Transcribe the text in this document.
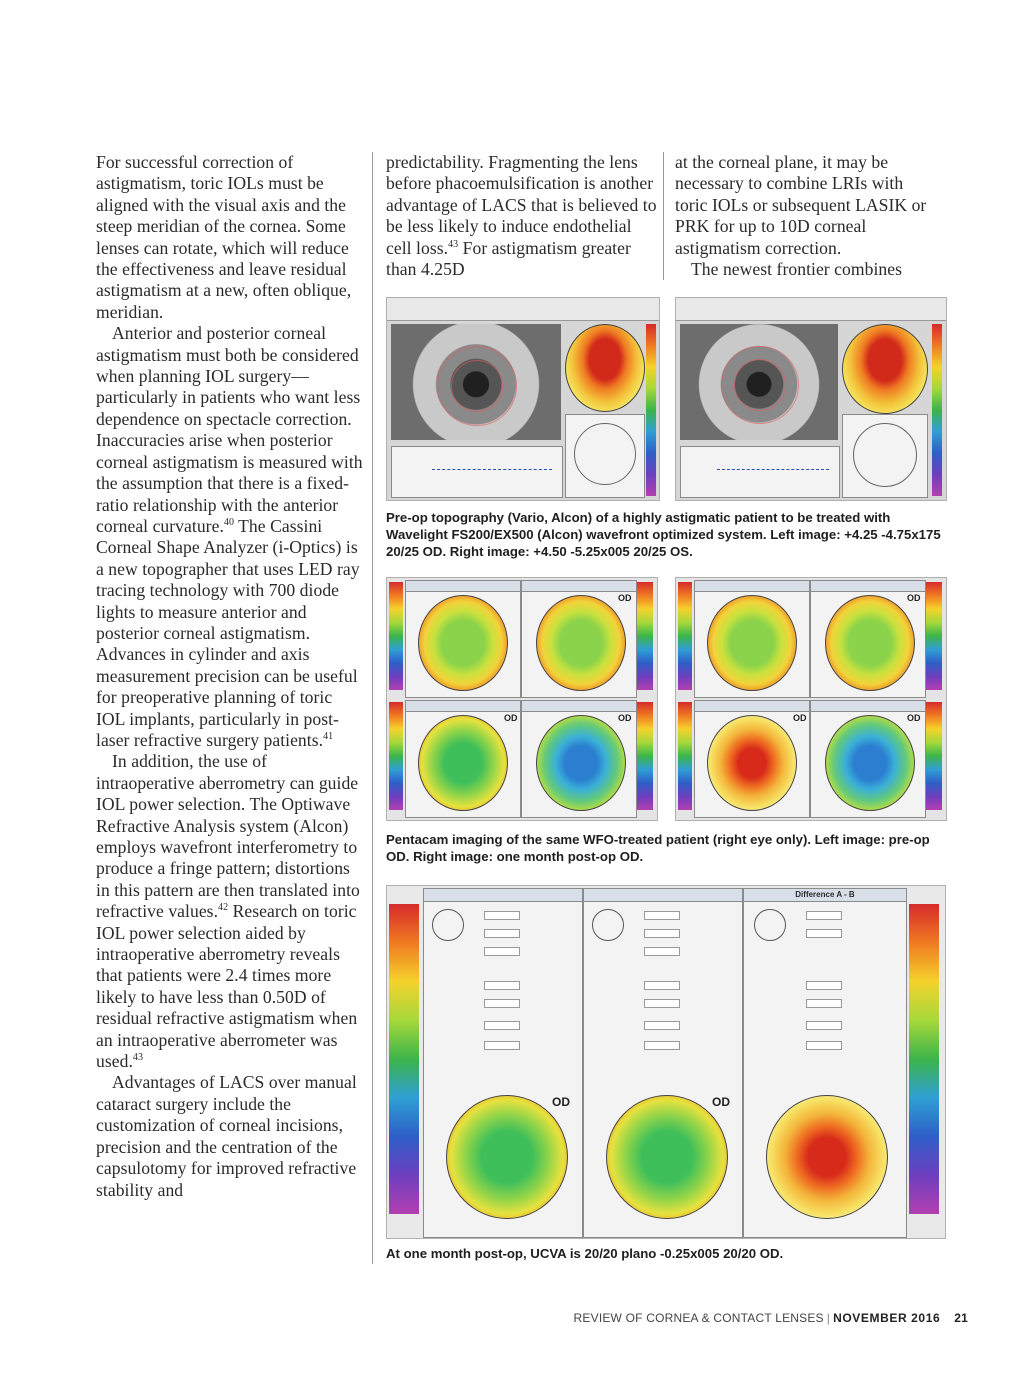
For successful correction of astigmatism, toric IOLs must be aligned with the visual axis and the steep meridian of the cornea. Some lenses can rotate, which will reduce the effectiveness and leave residual astigmatism at a new, often oblique, meridian.

Anterior and posterior corneal astigmatism must both be considered when planning IOL surgery—particularly in patients who want less dependence on spectacle correction. Inaccuracies arise when posterior corneal astigmatism is measured with the assumption that there is a fixed-ratio relationship with the anterior corneal curvature.$^{40}$ The Cassini Corneal Shape Analyzer (i-Optics) is a new topographer that uses LED ray tracing technology with 700 diode lights to measure anterior and posterior corneal astigmatism. Advances in cylinder and axis measurement precision can be useful for preoperative planning of toric IOL implants, particularly in post-laser refractive surgery patients.$^{41}$

In addition, the use of intraoperative aberrometry can guide IOL power selection. The Optiwave Refractive Analysis system (Alcon) employs wavefront interferometry to produce a fringe pattern; distortions in this pattern are then translated into refractive values.$^{42}$ Research on toric IOL power selection aided by intraoperative aberrometry reveals that patients were 2.4 times more likely to have less than 0.50D of residual refractive astigmatism when an intraoperative aberrometer was used.$^{43}$

Advantages of LACS over manual cataract surgery include the customization of corneal incisions, precision and the centration of the capsulotomy for improved refractive stability and

predictability. Fragmenting the lens before phacoemulsification is another advantage of LACS that is believed to be less likely to induce endothelial cell loss.$^{43}$ For astigmatism greater than 4.25D

at the corneal plane, it may be necessary to combine LRIs with toric IOLs or subsequent LASIK or PRK for up to 10D corneal astigmatism correction.

The newest frontier combines

Pre-op topography (Vario, Alcon) of a highly astigmatic patient to be treated with Wavelight FS200/EX500 (Alcon) wavefront optimized system. Left image: +4.25 -4.75x175 20/25 OD. Right image: +4.50 -5.25x005 20/25 OS.
OD
OD	OD
OD
OD	OD
Pentacam imaging of the same WFO-treated patient (right eye only). Left image: pre-op OD. Right image: one month post-op OD.
OD	OD
Difference A - B
At one month post-op, UCVA is 20/20 plano -0.25x005 20/20 OD.
REVIEW OF CORNEA & CONTACT LENSES | NOVEMBER 2016 21
